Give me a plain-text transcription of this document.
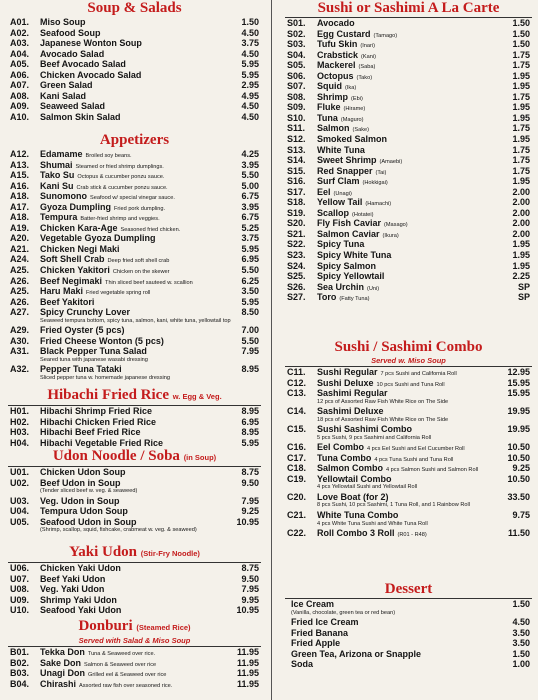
Soup & Salads
A01.	Miso Soup	1.50
A02.	Seafood Soup	4.50
A03.	Japanese Wonton Soup	3.75
A04.	Avocado Salad	4.50
A05.	Beef Avocado Salad	5.95
A06.	Chicken Avocado Salad	5.95
A07.	Green Salad	2.95
A08.	Kani Salad	4.95
A09.	Seaweed Salad	4.50
A10.	Salmon Skin Salad	4.50
Appetizers
A12.	Edamame Broiled soy beans.	4.25
A13.	Shumai Steamed or fried shrimp dumplings.	3.95
A15.	Tako Su Octopus & cucumber ponzu sauce.	5.50
A16.	Kani Su Crab stick & cucumber ponzu sauce.	5.00
A18.	Sunomono Seafood w/ special vinegar sauce.	6.75
A17.	Gyoza Dumpling Fried pork dumpling.	3.95
A18.	Tempura Batter-fried shrimp and veggies.	6.75
A19.	Chicken Kara-Age Seasoned fried chicken.	5.25
A20.	Vegetable Gyoza Dumpling	3.75
A21.	Chicken Negi Maki	5.95
A24.	Soft Shell Crab Deep fried soft shell crab	6.95
A25.	Chicken Yakitori Chicken on the skewer	5.50
A26.	Beef Negimaki Thin sliced beef sauteed w. scallion	6.25
A25.	Haru Maki Fried vegetable spring roll	3.50
A26.	Beef Yakitori	5.95
A27.	Spicy Crunchy Lover	8.50
Seaweed tempura bottom, spicy tuna, salmon, kani, white tuna, yellowtail top
A29.	Fried Oyster (5 pcs)	7.00
A30.	Fried Cheese Wonton (5 pcs)	5.50
A31.	Black Pepper Tuna Salad	7.95
Seared tuna with japanese wasabi dressing
A32.	Pepper Tuna Tataki	8.95
Sliced pepper tuna w. homemade japanese dressing
Hibachi Fried Rice w. Egg & Veg.
H01.	Hibachi Shrimp Fried Rice	8.95
H02.	Hibachi Chicken Fried Rice	6.95
H03.	Hibachi Beef Fried Rice	8.95
H04.	Hibachi Vegetable Fried Rice	5.95
Udon Noodle / Soba (in Soup)
U01.	Chicken Udon Soup	8.75
U02.	Beef Udon in Soup	9.50
(Tender sliced beef w. veg. & seaweed)
U03.	Veg. Udon in Soup	7.95
U04.	Tempura Udon Soup	9.25
U05.	Seafood Udon in Soup	10.95
(Shrimp, scallop, squid, fishcake, crabmeat w. veg. & seaweed)
Yaki Udon (Stir-Fry Noodle)
U06.	Chicken Yaki Udon	8.75
U07.	Beef Yaki Udon	9.50
U08.	Veg. Yaki Udon	7.95
U09.	Shrimp Yaki Udon	9.95
U10.	Seafood Yaki Udon	10.95
Donburi (Steamed Rice)
Served with Salad & Miso Soup
B01.	Tekka Don Tuna & Seaweed over rice.	11.95
B02.	Sake Don Salmon & Seaweed over rice	11.95
B03.	Unagi Don Grilled eel & Seaweed over rice	11.95
B04.	Chirashi Assorted raw fish over seasoned rice.	11.95
Sushi or Sashimi A La Carte
S01.	Avocado	1.50
S02.	Egg Custard (Tamago)	1.50
S03.	Tufu Skin (Inari)	1.50
S04.	Crabstick (Kani)	1.75
S05.	Mackerel (Saba)	1.75
S06.	Octopus (Tako)	1.95
S07.	Squid (Ika)	1.95
S08.	Shrimp (Ebi)	1.75
S09.	Fluke (Hirame)	1.95
S10.	Tuna (Maguro)	1.95
S11.	Salmon (Sake)	1.75
S12.	Smoked Salmon	1.95
S13.	White Tuna	1.75
S14.	Sweet Shrimp (Amaebi)	1.75
S15.	Red Snapper (Tai)	1.75
S16.	Surf Clam (Hokkigai)	1.95
S17.	Eel (Unagi)	2.00
S18.	Yellow Tail (Hamachi)	2.00
S19.	Scallop (Hotatei)	2.00
S20.	Fly Fish Caviar (Masago)	2.00
S21.	Salmon Caviar (Ikura)	2.00
S22.	Spicy Tuna	1.95
S23.	Spicy White Tuna	1.95
S24.	Spicy Salmon	1.95
S25.	Spicy Yellowtail	2.25
S26.	Sea Urchin (Uni)	SP
S27.	Toro (Fatty Tuna)	SP
Sushi / Sashimi Combo
Served w. Miso Soup
C11.	Sushi Regular 7 pcs Sushi and California Roll	12.95
C12.	Sushi Deluxe 10 pcs Sushi and Tuna Roll	15.95
C13.	Sashimi Regular	15.95
12 pcs of Assorted Raw Fish White Rice on The Side
C14.	Sashimi Deluxe	19.95
18 pcs of Assorted Raw Fish White Rice on The Side
C15.	Sushi Sashimi Combo	19.95
5 pcs Sushi, 9 pcs Sashimi and California Roll
C16.	Eel Combo 4 pcs Eel Sushi and Eel Cucumber Roll	10.50
C17.	Tuna Combo 4 pcs Tuna Sushi and Tuna Roll	10.50
C18.	Salmon Combo 4 pcs Salmon Sushi and Salmon Roll	9.25
C19.	Yellowtail Combo	10.50
4 pcs Yellowtail Sushi and Yellowtail Roll
C20.	Love Boat (for 2)	33.50
8 pcs Sushi, 10 pcs Sashimi, 1 Tuna Roll, and 1 Rainbow Roll
C21.	White Tuna Combo	9.75
4 pcs White Tuna Sushi and White Tuna Roll
C22.	Roll Combo 3 Roll (R01 - R48)	11.50
Dessert
Ice Cream	1.50
(Vanilla, chocolate, green tea or red bean)
Fried Ice Cream	4.50
Fried Banana	3.50
Fried Apple	3.50
Green Tea, Arizona or Snapple	1.50
Soda	1.00
